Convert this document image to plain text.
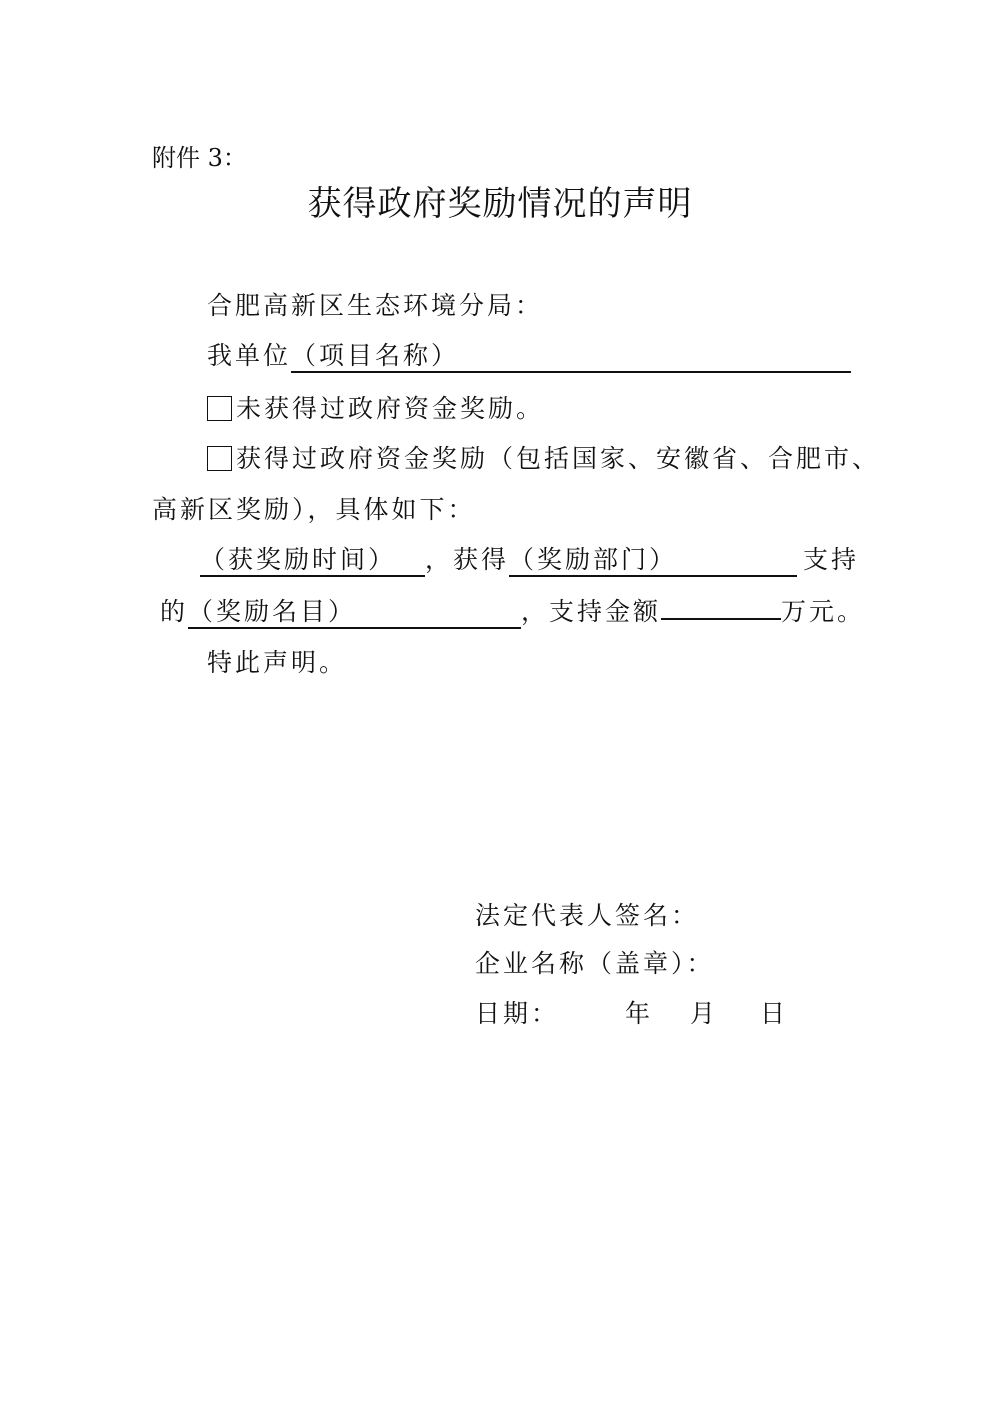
附件 3：
获得政府奖励情况的声明
合肥高新区生态环境分局：
我单位（项目名称）
未获得过政府资金奖励。
获得过政府资金奖励（包括国家、安徽省、合肥市、
高新区奖励），具体如下：
（获奖励时间） ，获得（奖励部门）	支持
的（奖励名目）	，支持金额	万元。
特此声明。
法定代表人签名：
企业名称（盖章）：
日期：	年 月 日
